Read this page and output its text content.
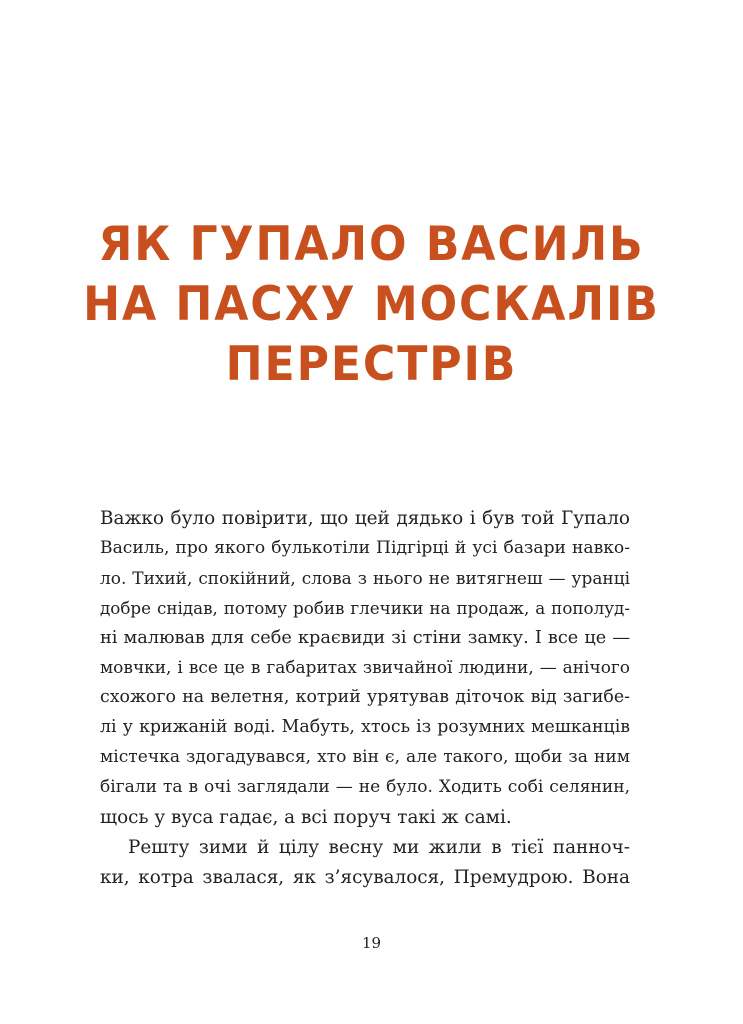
ЯК ГУПАЛО ВАСИЛЬ
НА ПАСХУ МОСКАЛІВ
ПЕРЕСТРІВ
Важко було повірити, що цей дядько і був той Гупало
Василь, про якого булькотіли Підгірці й усі базари навко-
ло. Тихий, спокійний, слова з нього не витягнеш — уранці
добре снідав, потому робив глечики на продаж, а пополуд-
ні малював для себе краєвиди зі стіни замку. І все це —
мовчки, і все це в габаритах звичайної людини, — анічого
схожого на велетня, котрий урятував діточок від загибе-
лі у крижаній воді. Мабуть, хтось із розумних мешканців
містечка здогадувався, хто він є, але такого, щоби за ним
бігали та в очі заглядали — не було. Ходить собі селянин,
щось у вуса гадає, а всі поруч такі ж самі.
Решту зими й цілу весну ми жили в тієї панноч-
ки, котра звалася, як з’ясувалося, Премудрою. Вона
19
